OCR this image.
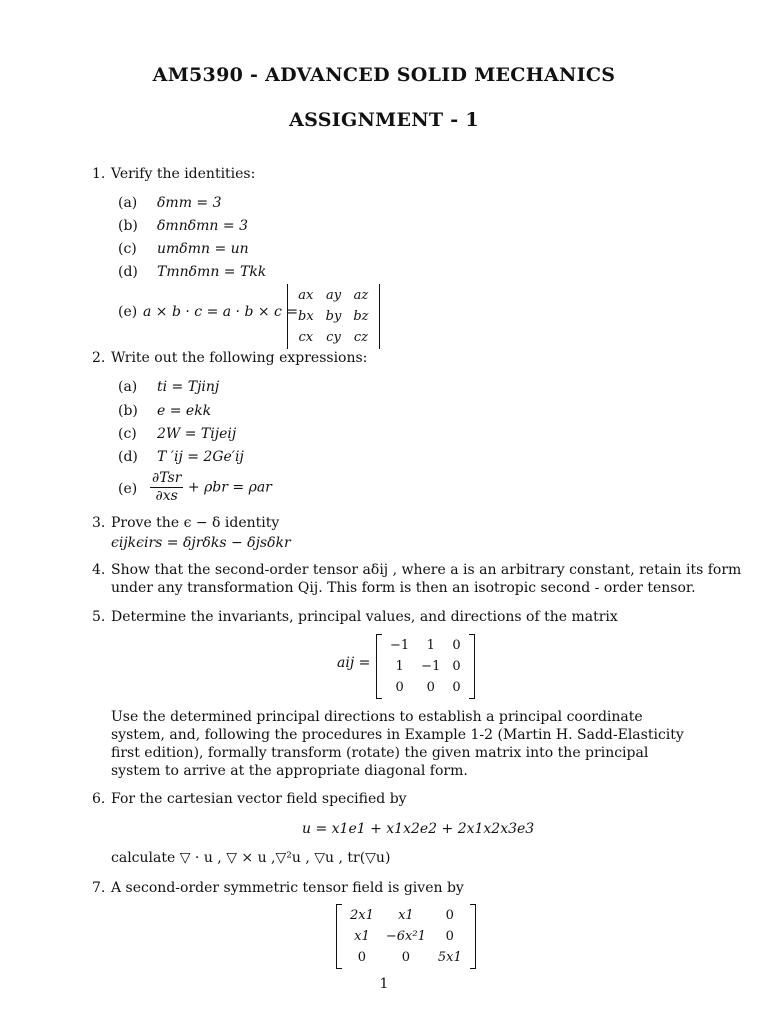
AM5390 - ADVANCED SOLID MECHANICS
ASSIGNMENT - 1
1. Verify the identities:
(a) δmm = 3
(b) δmnδmn = 3
(c) umδmn = un
(d) Tmnδmn = Tkk
(e) a × b · c = a · b × c =
ax	ay	az
bx	by	bz
cx	cy	cz
2. Write out the following expressions:
(a) ti = Tjinj
(b) e = ekk
(c) 2W = Tijeij
(d) T ′ij = 2Ge′ij
$(e) \frac{\text{∂Tsr}}{\partial xs} + \rho br = \rho ar$
3. Prove the ϵ − δ identity
ϵijkϵirs = δjrδks − δjsδkr
4. Show that the second-order tensor aδij , where a is an arbitrary constant, retain its form
under any transformation Qij. This form is then an isotropic second - order tensor.
5. Determine the invariants, principal values, and directions of the matrix
aij =
−1	1	0
1	−1	0
0	0	0
Use the determined principal directions to establish a principal coordinate system, and, following the procedures in Example 1-2 (Martin H. Sadd-Elasticity first edition), formally transform (rotate) the given matrix into the principal system to arrive at the appropriate diagonal form.
6. For the cartesian vector field specified by
u = x1e1 + x1x2e2 + 2x1x2x3e3
calculate ▽ · u , ▽ × u ,▽²u , ▽u , tr(▽u)
7. A second-order symmetric tensor field is given by
2x1	x1	0
x1	−6x²1	0
0	0	5x1
1
